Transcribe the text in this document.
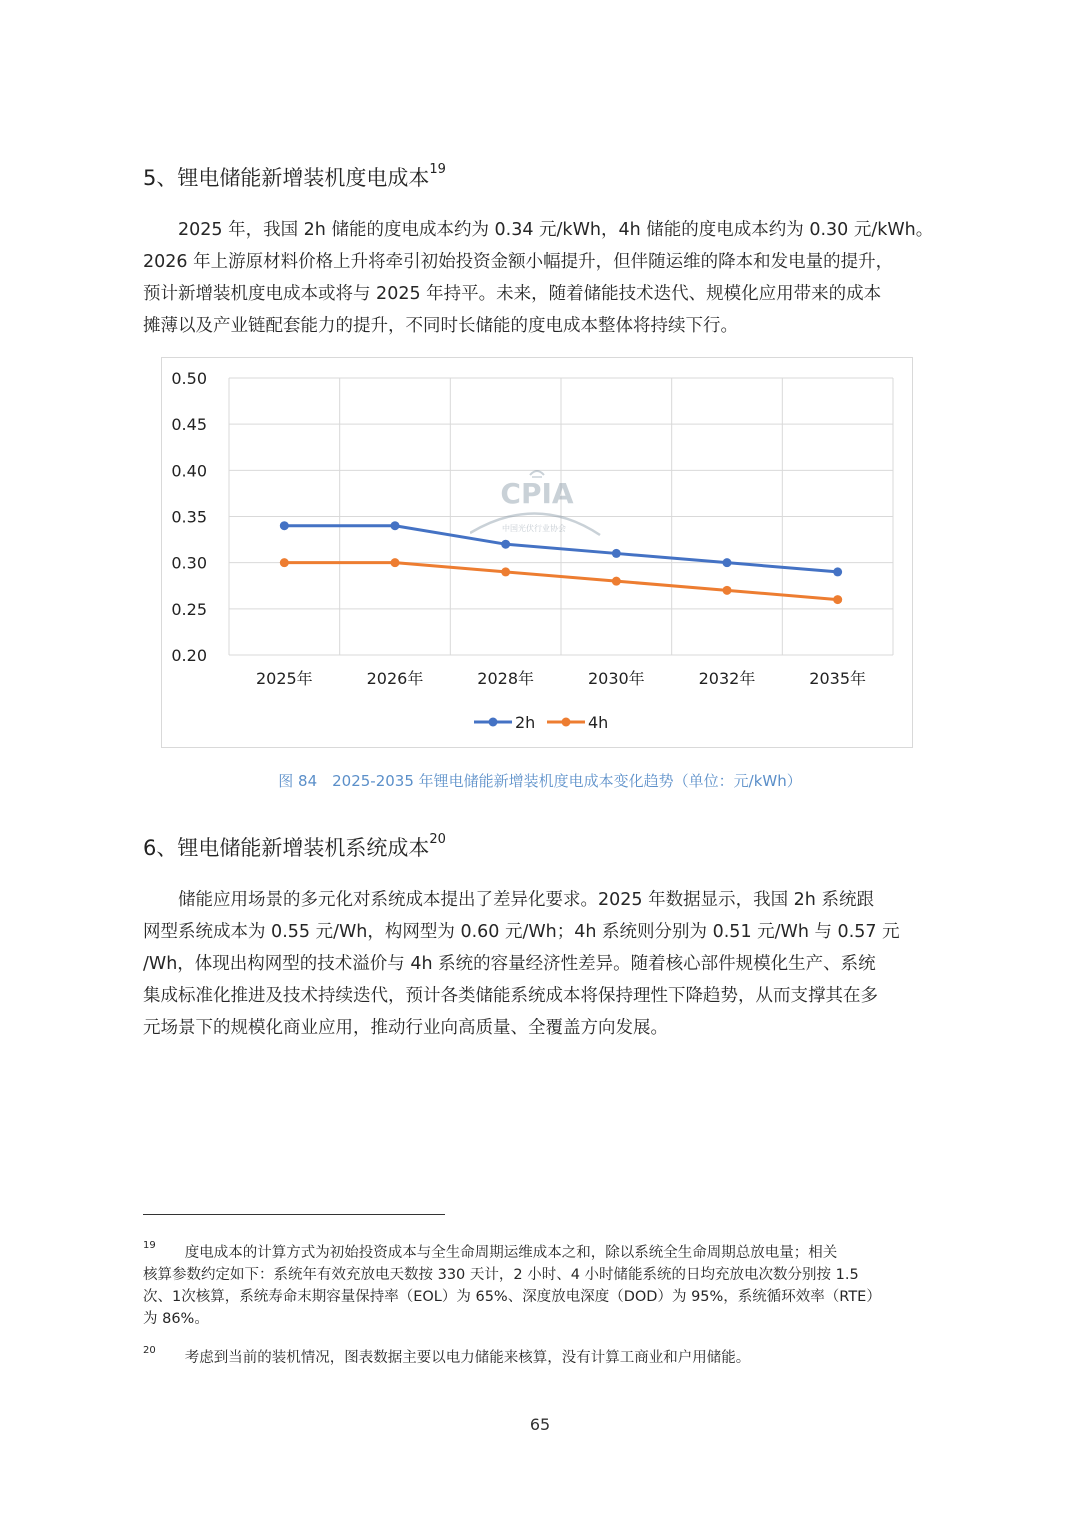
5、锂电储能新增装机度电成本$^{19}$
　　2025 年，我国 2h 储能的度电成本约为 0.34 元/kWh，4h 储能的度电成本约为 0.30 元/kWh。
2026 年上游原材料价格上升将牵引初始投资金额小幅提升，但伴随运维的降本和发电量的提升，
预计新增装机度电成本或将与 2025 年持平。未来，随着储能技术迭代、规模化应用带来的成本
摊薄以及产业链配套能力的提升，不同时长储能的度电成本整体将持续下行。
0.50
0.45
0.40
0.35
0.30
0.25
0.20
2025年	2026年	2028年	2030年	2032年	2035年
2h	4h
CPIA
中国光伏行业协会
图 84　2025-2035 年锂电储能新增装机度电成本变化趋势（单位：元/kWh）
6、锂电储能新增装机系统成本$^{20}$
　　储能应用场景的多元化对系统成本提出了差异化要求。2025 年数据显示，我国 2h 系统跟
网型系统成本为 0.55 元/Wh，构网型为 0.60 元/Wh；4h 系统则分别为 0.51 元/Wh 与 0.57 元
/Wh，体现出构网型的技术溢价与 4h 系统的容量经济性差异。随着核心部件规模化生产、系统
集成标准化推进及技术持续迭代，预计各类储能系统成本将保持理性下降趋势，从而支撑其在多
元场景下的规模化商业应用，推动行业向高质量、全覆盖方向发展。
$^{19}$　　度电成本的计算方式为初始投资成本与全生命周期运维成本之和，除以系统全生命周期总放电量；相关
核算参数约定如下：系统年有效充放电天数按 330 天计，2 小时、4 小时储能系统的日均充放电次数分别按 1.5
次、1次核算，系统寿命末期容量保持率（EOL）为 65%、深度放电深度（DOD）为 95%，系统循环效率（RTE）
为 86%。
$^{20}$　　考虑到当前的装机情况，图表数据主要以电力储能来核算，没有计算工商业和户用储能。
65
